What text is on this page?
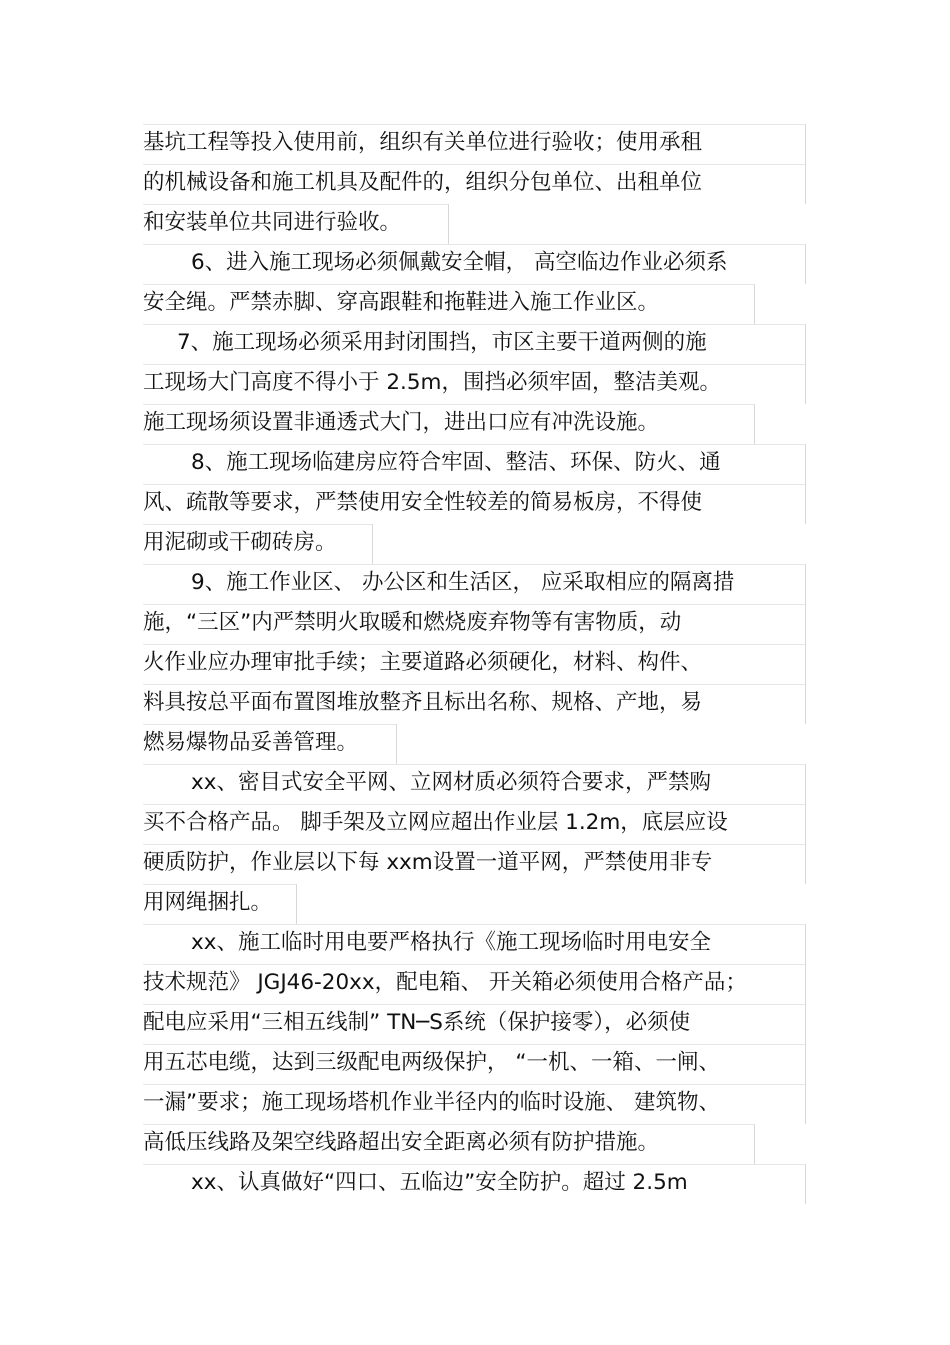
基坑工程等投入使用前，组织有关单位进行验收；使用承租
的机械设备和施工机具及配件的，组织分包单位、出租单位
和安装单位共同进行验收。
6、进入施工现场必须佩戴安全帽， 高空临边作业必须系
安全绳。严禁赤脚、穿高跟鞋和拖鞋进入施工作业区。
7、施工现场必须采用封闭围挡，市区主要干道两侧的施
工现场大门高度不得小于 2.5m，围挡必须牢固，整洁美观。
施工现场须设置非通透式大门，进出口应有冲洗设施。
8、施工现场临建房应符合牢固、整洁、环保、防火、通
风、疏散等要求，严禁使用安全性较差的简易板房，不得使
用泥砌或干砌砖房。
9、施工作业区、 办公区和生活区， 应采取相应的隔离措
施，“三区”内严禁明火取暖和燃烧废弃物等有害物质，动
火作业应办理审批手续；主要道路必须硬化，材料、构件、
料具按总平面布置图堆放整齐且标出名称、规格、产地，易
燃易爆物品妥善管理。
xx、密目式安全平网、立网材质必须符合要求，严禁购
买不合格产品。 脚手架及立网应超出作业层 1.2m，底层应设
硬质防护，作业层以下每 xxm设置一道平网，严禁使用非专
用网绳捆扎。
xx、施工临时用电要严格执行《施工现场临时用电安全
技术规范》 JGJ46-20xx，配电箱、 开关箱必须使用合格产品；
配电应采用“三相五线制” TN─S系统（保护接零），必须使
用五芯电缆，达到三级配电两级保护， “一机、一箱、一闸、
一漏”要求；施工现场塔机作业半径内的临时设施、 建筑物、
高低压线路及架空线路超出安全距离必须有防护措施。
xx、认真做好“四口、五临边”安全防护。超过 2.5m
